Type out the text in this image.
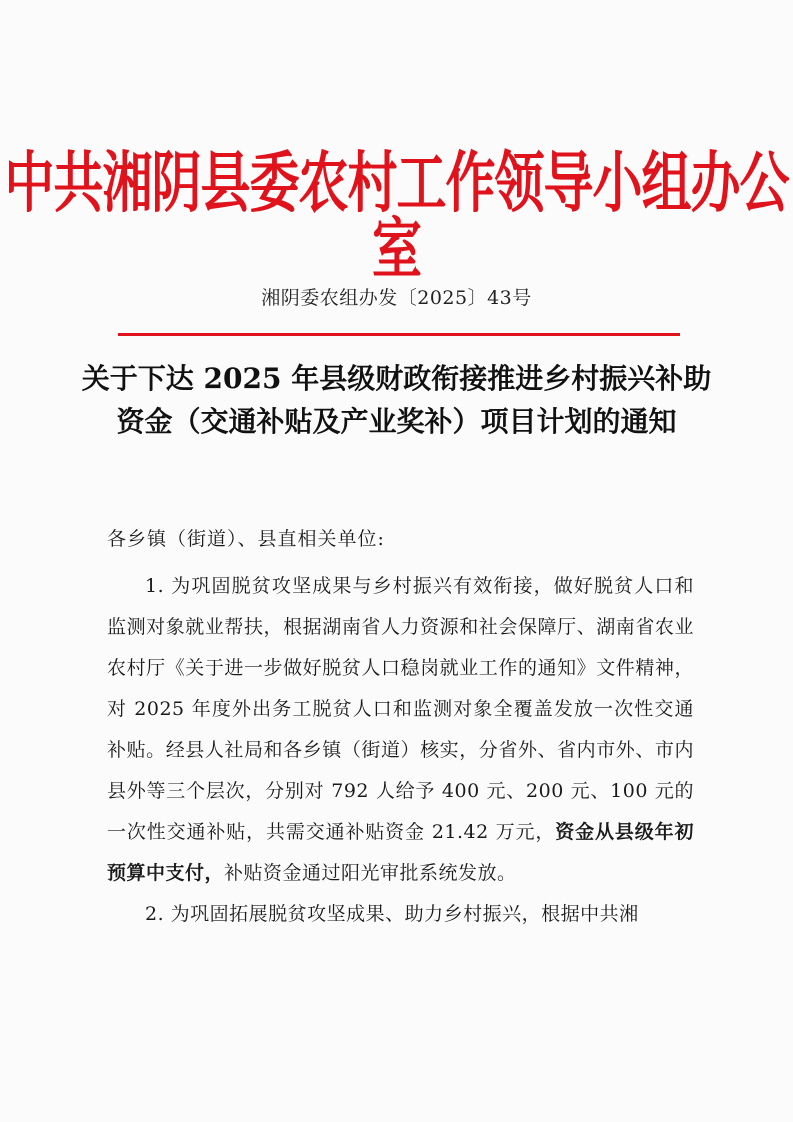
中共湘阴县委农村工作领导小组办公室
湘阴委农组办发〔2025〕43号
关于下达 2025 年县级财政衔接推进乡村振兴补助资金（交通补贴及产业奖补）项目计划的通知
各乡镇（街道）、县直相关单位:

1. 为巩固脱贫攻坚成果与乡村振兴有效衔接，做好脱贫人口和监测对象就业帮扶，根据湖南省人力资源和社会保障厅、湖南省农业农村厅《关于进一步做好脱贫人口稳岗就业工作的通知》文件精神，对 2025 年度外出务工脱贫人口和监测对象全覆盖发放一次性交通补贴。经县人社局和各乡镇（街道）核实，分省外、省内市外、市内县外等三个层次，分别对 792 人给予 400 元、200 元、100 元的一次性交通补贴，共需交通补贴资金 21.42 万元，资金从县级年初预算中支付，补贴资金通过阳光审批系统发放。

2. 为巩固拓展脱贫攻坚成果、助力乡村振兴，根据中共湘
